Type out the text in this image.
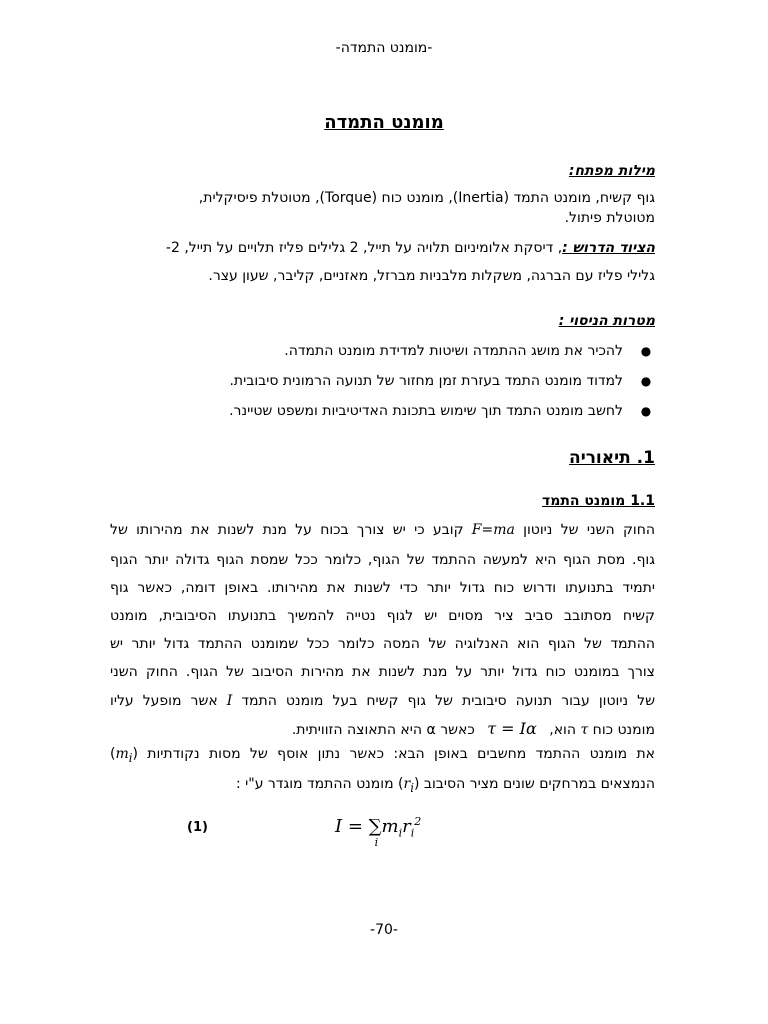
-מומנט התמדה-
מומנט התמדה
מילות מפתח:
גוף קשיח, מומנט התמד (Inertia), מומנט כוח (Torque), מטוטלת פיסיקלית,
מטוטלת פיתול.
הציוד הדרוש :, דיסקת אלומיניום תלויה על תייל, 2 גלילים פליז תלויים על תייל, 2-
גלילי פליז עם הברגה, משקלות מלבניות מברזל, מאזניים, קליבר, שעון עצר.
מטרות הניסוי :
●להכיר את מושג ההתמדה ושיטות למדידת מומנט התמדה.
●למדוד מומנט התמד בעזרת זמן מחזור של תנועה הרמונית סיבובית.
●לחשב מומנט התמד תוך שימוש בתכונת האדיטיביות ומשפט שטיינר.
1. תיאוריה
1.1 מומנט התמד
החוק השני של ניוטון F=ma קובע כי יש צורך בכוח על מנת לשנות את מהירותו של
גוף. מסת הגוף היא למעשה ההתמד של הגוף, כלומר ככל שמסת הגוף גדולה יותר הגוף
יתמיד בתנועתו ודרוש כוח גדול יותר כדי לשנות את מהירותו. באופן דומה, כאשר גוף
קשיח מסתובב סביב ציר מסוים יש לגוף נטייה להמשיך בתנועתו הסיבובית, מומנט
ההתמד של הגוף הוא האנלוגיה של המסה כלומר ככל שמומנט ההתמד גדול יותר יש
צורך במומנט כוח גדול יותר על מנת לשנות את מהירות הסיבוב של הגוף. החוק השני
של ניוטון עבור תנועה סיבובית של גוף קשיח בעל מומנט התמד I אשר מופעל עליו
מומנט כוח τ הוא, τ = Iα כאשר α היא התאוצה הזוויתית.
את מומנט ההתמד מחשבים באופן הבא: כאשר נתון אוסף של מסות נקודתיות $(m_i)$
הנמצאים במרחקים שונים מציר הסיבוב $(r_i)$ מומנט ההתמד מוגדר ע"י :
I = ∑
i
$m_ir_i^2$
(1)
-70-
